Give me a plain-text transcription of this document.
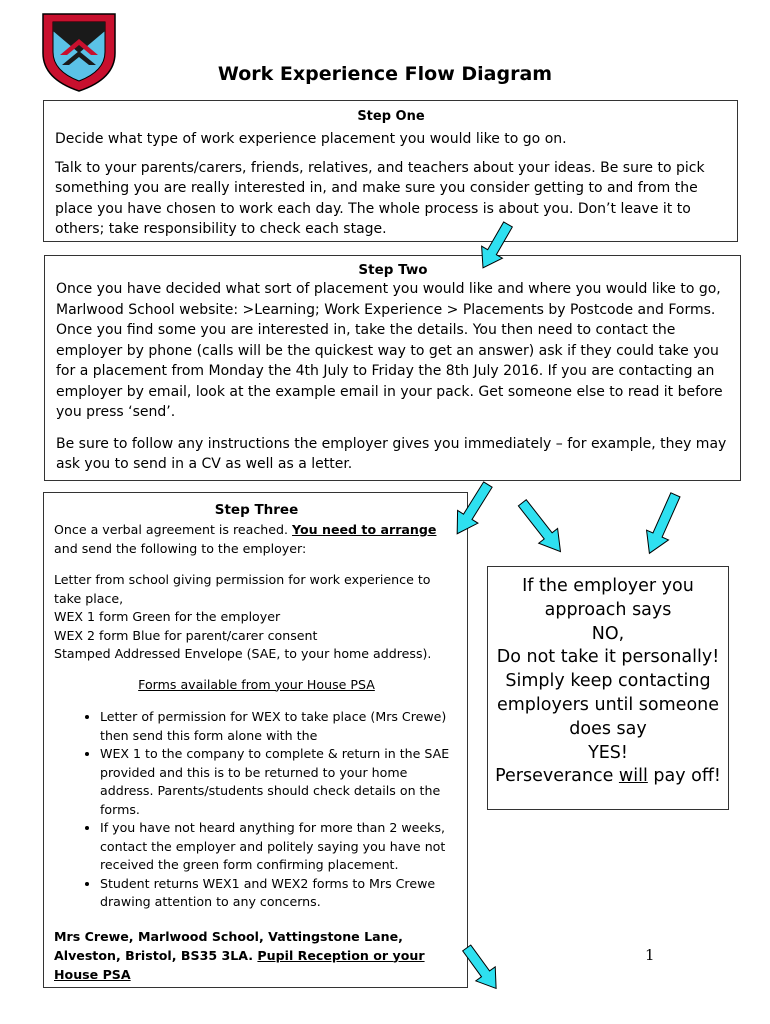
Work Experience Flow Diagram
Step One

Decide what type of work experience placement you would like to go on.

Talk to your parents/carers, friends, relatives, and teachers about your ideas. Be sure to pick something you are really interested in, and make sure you consider getting to and from the place you have chosen to work each day. The whole process is about you. Don’t leave it to others; take responsibility to check each stage.

Step Two

Once you have decided what sort of placement you would like and where you would like to go, Marlwood School website: >Learning; Work Experience > Placements by Postcode and Forms. Once you find some you are interested in, take the details. You then need to contact the employer by phone (calls will be the quickest way to get an answer) ask if they could take you for a placement from Monday the 4th July to Friday the 8th July 2016. If you are contacting an employer by email, look at the example email in your pack. Get someone else to read it before you press ‘send’.

Be sure to follow any instructions the employer gives you immediately – for example, they may ask you to send in a CV as well as a letter.

Step Three

Once a verbal agreement is reached. You need to arrange and send the following to the employer:

Letter from school giving permission for work experience to take place,

WEX 1 form Green for the employer

WEX 2 form Blue for parent/carer consent

Stamped Addressed Envelope (SAE, to your home address).

Forms available from your House PSA

• Letter of permission for WEX to take place (Mrs Crewe) then send this form alone with the
• WEX 1 to the company to complete & return in the SAE provided and this is to be returned to your home address. Parents/students should check details on the forms.
• If you have not heard anything for more than 2 weeks, contact the employer and politely saying you have not received the green form confirming placement.
• Student returns WEX1 and WEX2 forms to Mrs Crewe drawing attention to any concerns.
Mrs Crewe, Marlwood School, Vattingstone Lane, Alveston, Bristol, BS35 3LA. Pupil Reception or your House PSA
If the employer you approach says
NO,
Do not take it personally!
Simply keep contacting employers until someone does say
YES!
Perseverance will pay off!
1
